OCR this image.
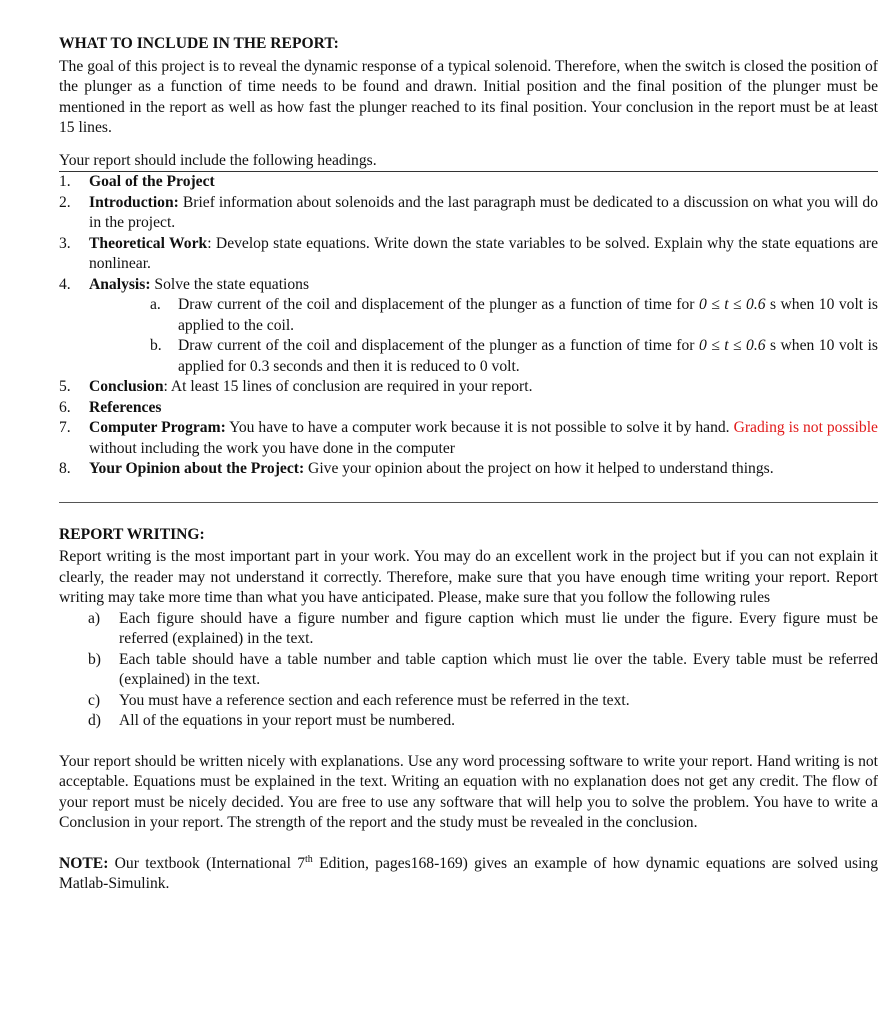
WHAT TO INCLUDE IN THE REPORT:

The goal of this project is to reveal the dynamic response of a typical solenoid. Therefore, when the switch is closed the position of the plunger as a function of time needs to be found and drawn. Initial position and the final position of the plunger must be mentioned in the report as well as how fast the plunger reached to its final position. Your conclusion in the report must be at least 15 lines.

Your report should include the following headings.

1. Goal of the Project
2. Introduction: Brief information about solenoids and the last paragraph must be dedicated to a discussion on what you will do in the project.
3. Theoretical Work: Develop state equations. Write down the state variables to be solved. Explain why the state equations are nonlinear.
4. Analysis: Solve the state equations
a. Draw current of the coil and displacement of the plunger as a function of time for 0 ≤ t ≤ 0.6 s when 10 volt is applied to the coil.
b. Draw current of the coil and displacement of the plunger as a function of time for 0 ≤ t ≤ 0.6 s when 10 volt is applied for 0.3 seconds and then it is reduced to 0 volt.
5. Conclusion: At least 15 lines of conclusion are required in your report.
6. References
7. Computer Program: You have to have a computer work because it is not possible to solve it by hand. Grading is not possible without including the work you have done in the computer
8. Your Opinion about the Project: Give your opinion about the project on how it helped to understand things.

REPORT WRITING:

Report writing is the most important part in your work. You may do an excellent work in the project but if you can not explain it clearly, the reader may not understand it correctly. Therefore, make sure that you have enough time writing your report. Report writing may take more time than what you have anticipated. Please, make sure that you follow the following rules

a) Each figure should have a figure number and figure caption which must lie under the figure. Every figure must be referred (explained) in the text.
b) Each table should have a table number and table caption which must lie over the table. Every table must be referred (explained) in the text.
c) You must have a reference section and each reference must be referred in the text.
d) All of the equations in your report must be numbered.

Your report should be written nicely with explanations. Use any word processing software to write your report. Hand writing is not acceptable. Equations must be explained in the text. Writing an equation with no explanation does not get any credit. The flow of your report must be nicely decided. You are free to use any software that will help you to solve the problem. You have to write a Conclusion in your report. The strength of the report and the study must be revealed in the conclusion.

NOTE: Our textbook (International 7th Edition, pages168-169) gives an example of how dynamic equations are solved using Matlab-Simulink.
